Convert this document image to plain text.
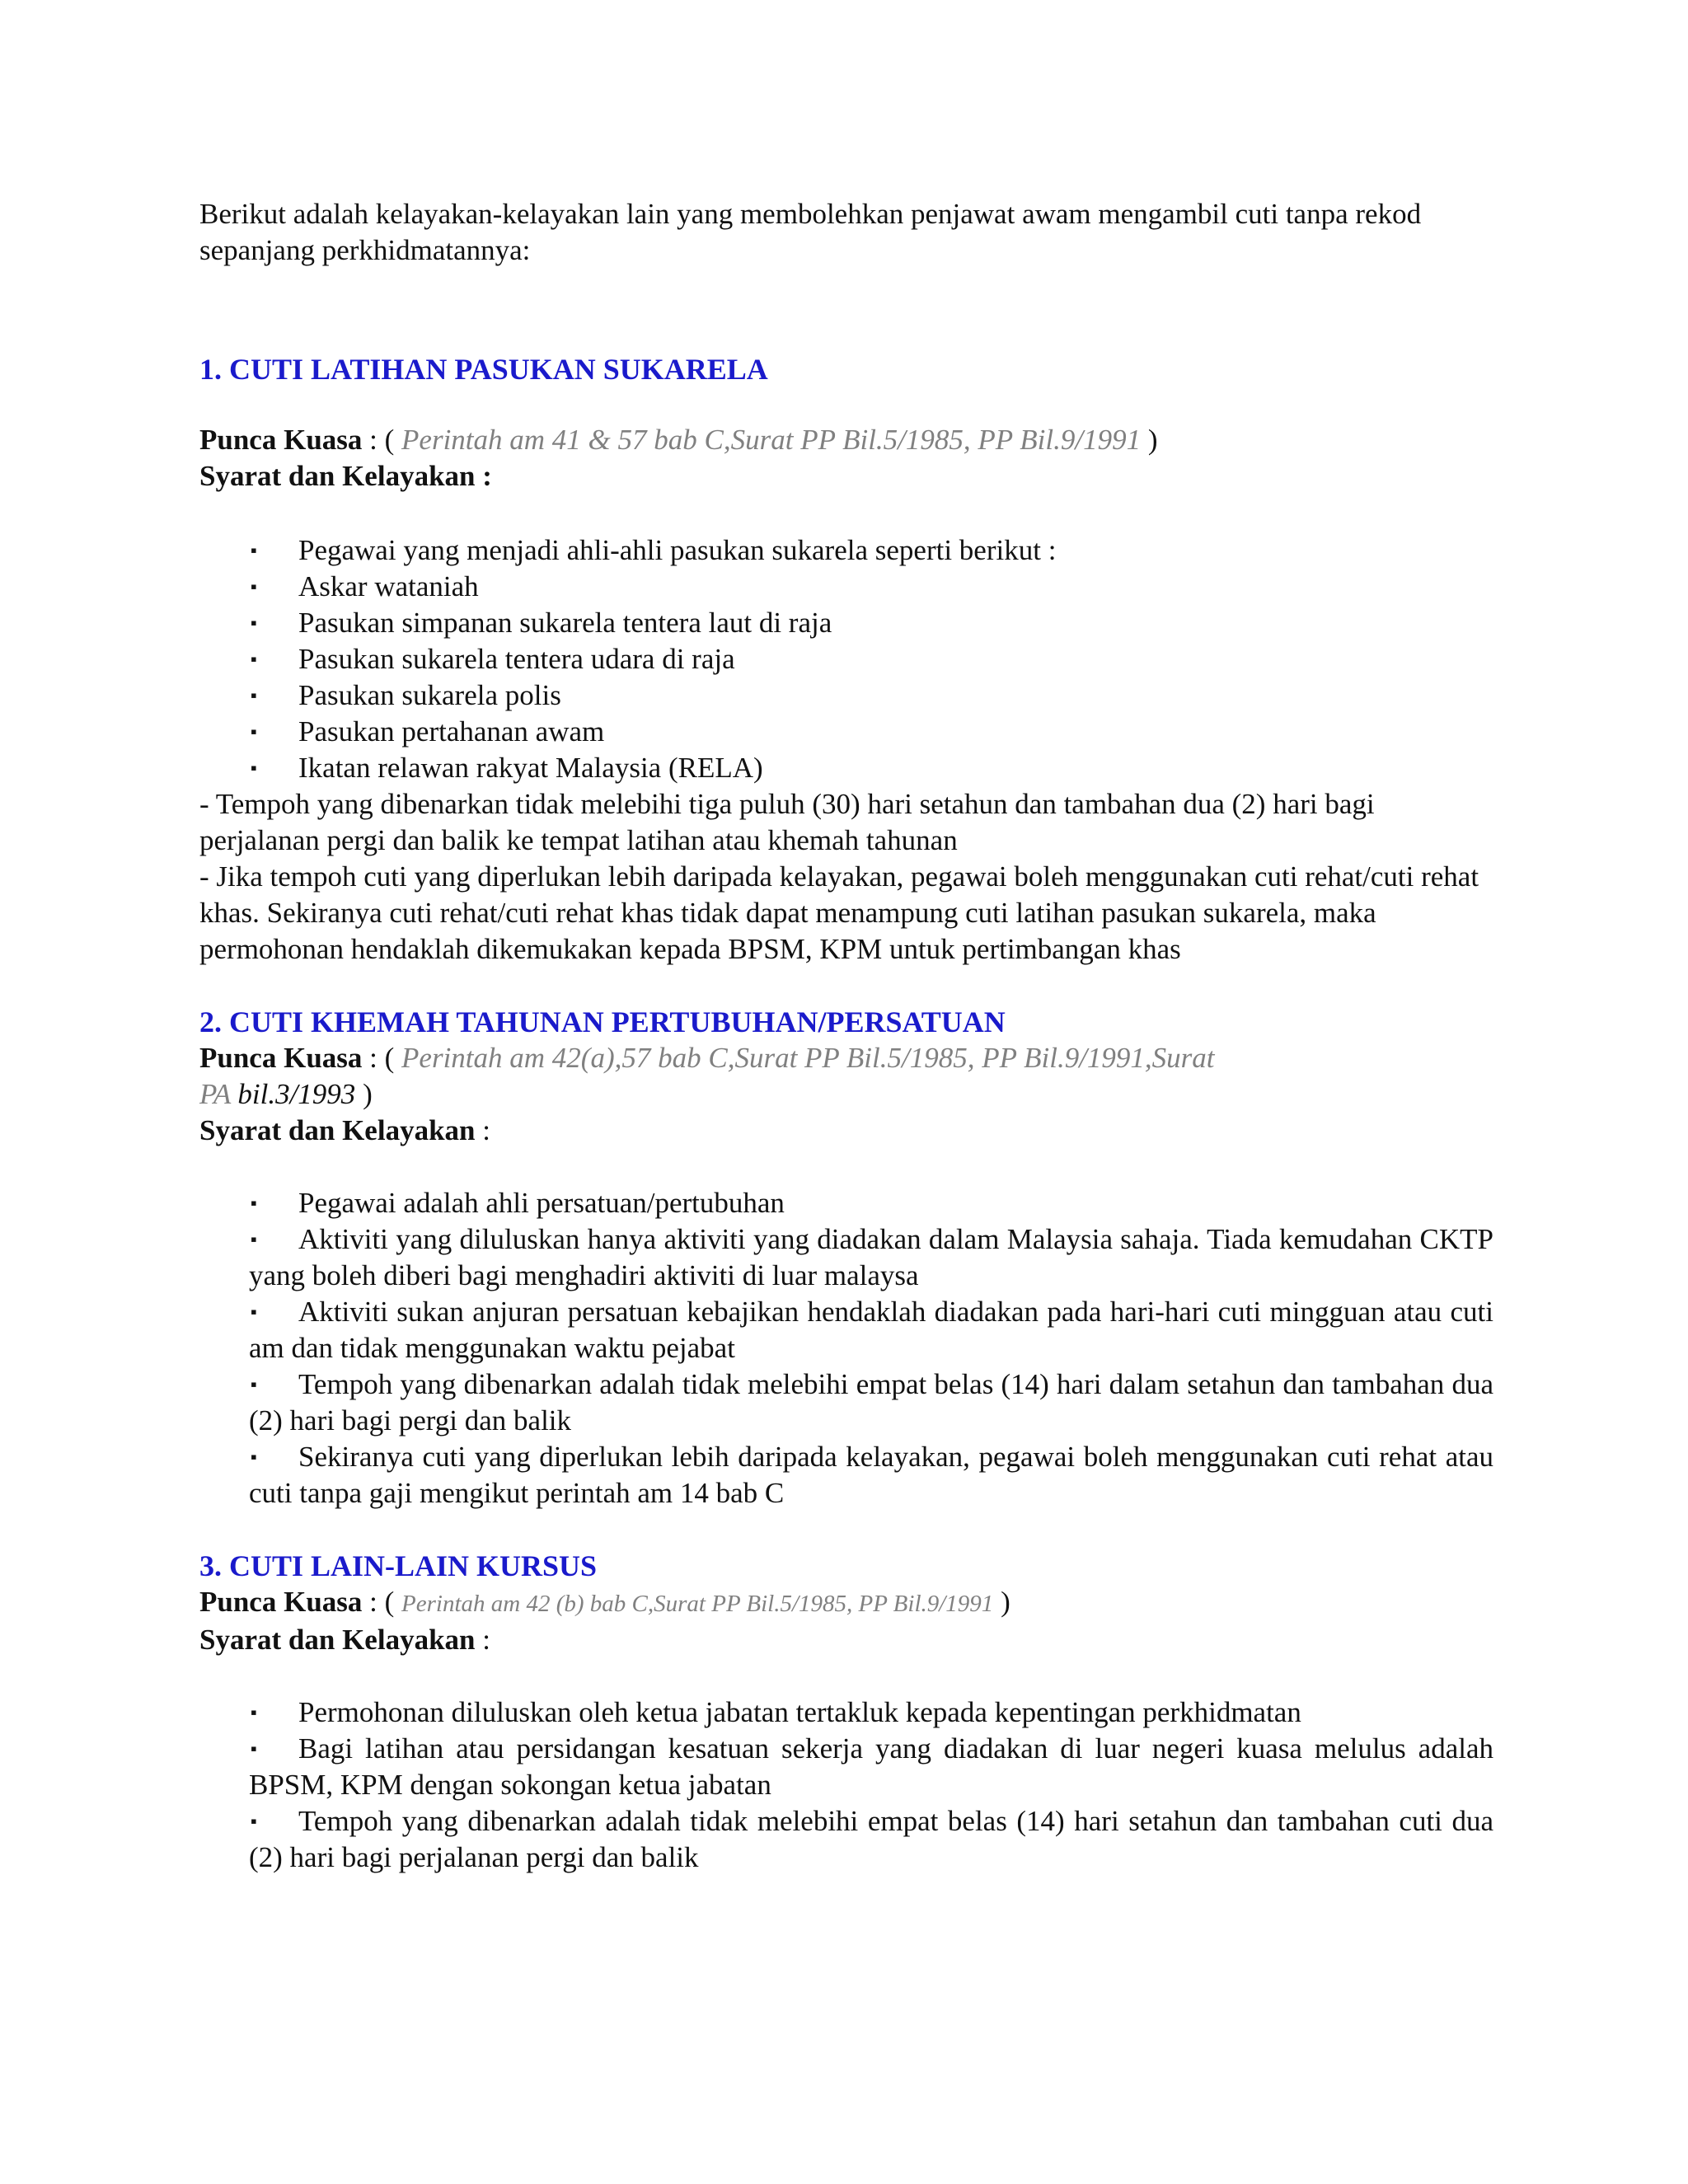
Berikut adalah kelayakan-kelayakan lain yang membolehkan penjawat awam mengambil cuti tanpa rekod sepanjang perkhidmatannya:

1. CUTI LATIHAN PASUKAN SUKARELA

Punca Kuasa : ( Perintah am 41 & 57 bab C,Surat PP Bil.5/1985, PP Bil.9/1991 )

Syarat dan Kelayakan :

▪ Pegawai yang menjadi ahli-ahli pasukan sukarela seperti berikut :
▪ Askar wataniah
▪ Pasukan simpanan sukarela tentera laut di raja
▪ Pasukan sukarela tentera udara di raja
▪ Pasukan sukarela polis
▪ Pasukan pertahanan awam
▪ Ikatan relawan rakyat Malaysia (RELA)

- Tempoh yang dibenarkan tidak melebihi tiga puluh (30) hari setahun dan tambahan dua (2) hari bagi perjalanan pergi dan balik ke tempat latihan atau khemah tahunan

- Jika tempoh cuti yang diperlukan lebih daripada kelayakan, pegawai boleh menggunakan cuti rehat/cuti rehat khas. Sekiranya cuti rehat/cuti rehat khas tidak dapat menampung cuti latihan pasukan sukarela, maka permohonan hendaklah dikemukakan kepada BPSM, KPM untuk pertimbangan khas

2. CUTI KHEMAH TAHUNAN PERTUBUHAN/PERSATUAN

Punca Kuasa : ( Perintah am 42(a),57 bab C,Surat PP Bil.5/1985, PP Bil.9/1991,Surat

PA bil.3/1993 )

Syarat dan Kelayakan :

▪ Pegawai adalah ahli persatuan/pertubuhan
▪ Aktiviti yang diluluskan hanya aktiviti yang diadakan dalam Malaysia sahaja. Tiada kemudahan CKTP yang boleh diberi bagi menghadiri aktiviti di luar malaysa
▪ Aktiviti sukan anjuran persatuan kebajikan hendaklah diadakan pada hari-hari cuti mingguan atau cuti am dan tidak menggunakan waktu pejabat
▪ Tempoh yang dibenarkan adalah tidak melebihi empat belas (14) hari dalam setahun dan tambahan dua (2) hari bagi pergi dan balik
▪ Sekiranya cuti yang diperlukan lebih daripada kelayakan, pegawai boleh menggunakan cuti rehat atau cuti tanpa gaji mengikut perintah am 14 bab C

3. CUTI LAIN-LAIN KURSUS

Punca Kuasa : ( Perintah am 42 (b) bab C,Surat PP Bil.5/1985, PP Bil.9/1991 )

Syarat dan Kelayakan :

▪ Permohonan diluluskan oleh ketua jabatan tertakluk kepada kepentingan perkhidmatan
▪ Bagi latihan atau persidangan kesatuan sekerja yang diadakan di luar negeri kuasa melulus adalah BPSM, KPM dengan sokongan ketua jabatan
▪ Tempoh yang dibenarkan adalah tidak melebihi empat belas (14) hari setahun dan tambahan cuti dua (2) hari bagi perjalanan pergi dan balik
